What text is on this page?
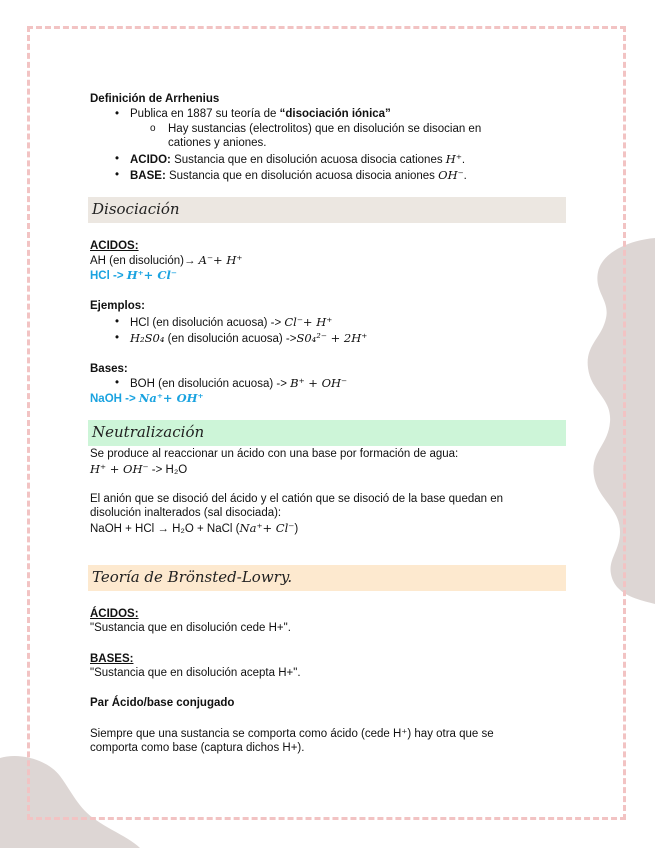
Definición de Arrhenius
• Publica en 1887 su teoría de “disociación iónica”
o Hay sustancias (electrolitos) que en disolución se disocian en
cationes y aniones.
• ACIDO: Sustancia que en disolución acuosa disocia cationes H⁺.
• BASE: Sustancia que en disolución acuosa disocia aniones OH⁻.
Disociación
ACIDOS:
AH (en disolución)→ A⁻+ H⁺
HCl -> H⁺+ Cl⁻
Ejemplos:
• HCl (en disolución acuosa) -> Cl⁻+ H⁺
• H₂S0₄ (en disolución acuosa) ->S0₄²⁻ + 2H⁺
Bases:
• BOH (en disolución acuosa) -> B⁺ + OH⁻
NaOH -> Na⁺+ OH⁺
Neutralización
Se produce al reaccionar un ácido con una base por formación de agua:
H⁺ + OH⁻ -> H₂O
El anión que se disoció del ácido y el catión que se disoció de la base quedan en
disolución inalterados (sal disociada):
NaOH + HCl → H₂O + NaCl (Na⁺+ Cl⁻)
Teoría de Brönsted-Lowry.
ÁCIDOS:
"Sustancia que en disolución cede H+".
BASES:
"Sustancia que en disolución acepta H+".
Par Ácido/base conjugado
Siempre que una sustancia se comporta como ácido (cede H⁺) hay otra que se
comporta como base (captura dichos H+).
